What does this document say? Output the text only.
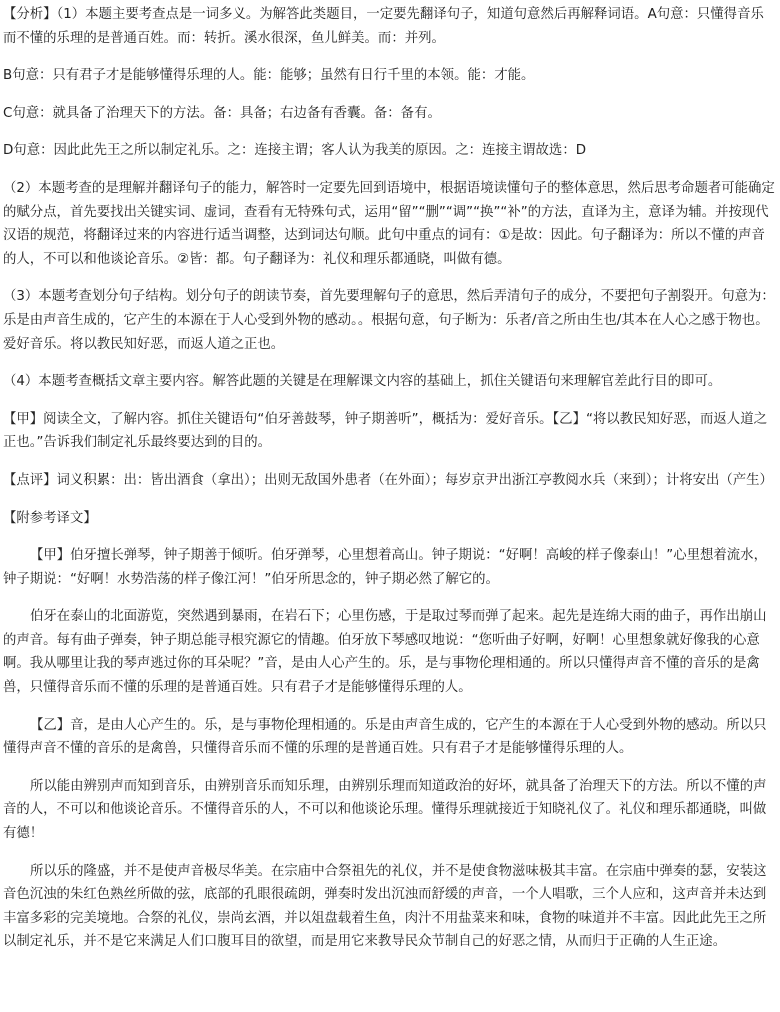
【分析】（1）本题主要考查点是一词多义。为解答此类题目，一定要先翻译句子，知道句意然后再解释词语。A句意：只懂得音乐而不懂的乐理的是普通百姓。而：转折。溪水很深，鱼儿鲜美。而：并列。

B句意：只有君子才是能够懂得乐理的人。能：能够；虽然有日行千里的本领。能：才能。

C句意：就具备了治理天下的方法。备：具备；右边备有香囊。备：备有。

D句意：因此此先王之所以制定礼乐。之：连接主谓；客人认为我美的原因。之：连接主谓故选：D

（2）本题考查的是理解并翻译句子的能力，解答时一定要先回到语境中，根据语境读懂句子的整体意思，然后思考命题者可能确定的赋分点，首先要找出关键实词、虚词，查看有无特殊句式，运用“留”“删”“调”“换”“补”的方法，直译为主，意译为辅。并按现代汉语的规范，将翻译过来的内容进行适当调整，达到词达句顺。此句中重点的词有：①是故：因此。句子翻译为：所以不懂的声音的人，不可以和他谈论音乐。②皆：都。句子翻译为：礼仪和理乐都通晓，叫做有德。

（3）本题考查划分句子结构。划分句子的朗读节奏，首先要理解句子的意思，然后弄清句子的成分，不要把句子割裂开。句意为：乐是由声音生成的，它产生的本源在于人心受到外物的感动。。根据句意，句子断为：乐者/音之所由生也/其本在人心之感于物也。爱好音乐。将以教民知好恶，而返人道之正也。

（4）本题考查概括文章主要内容。解答此题的关键是在理解课文内容的基础上，抓住关键语句来理解官差此行目的即可。

【甲】阅读全文，了解内容。抓住关键语句“伯牙善鼓琴，钟子期善听”，概括为：爱好音乐。【乙】“将以教民知好恶，而返人道之正也。”告诉我们制定礼乐最终要达到的目的。

【点评】词义积累：出：皆出酒食（拿出）；出则无敌国外患者（在外面）；每岁京尹出浙江亭教阅水兵（来到）；计将安出（产生）

【附参考译文】

【甲】伯牙擅长弹琴，钟子期善于倾听。伯牙弹琴，心里想着高山。钟子期说：“好啊！高峻的样子像泰山！”心里想着流水，钟子期说：“好啊！水势浩荡的样子像江河！”伯牙所思念的，钟子期必然了解它的。

伯牙在泰山的北面游览，突然遇到暴雨，在岩石下；心里伤感，于是取过琴而弹了起来。起先是连绵大雨的曲子，再作出崩山的声音。每有曲子弹奏，钟子期总能寻根究源它的情趣。伯牙放下琴感叹地说：“您听曲子好啊，好啊！心里想象就好像我的心意啊。我从哪里让我的琴声逃过你的耳朵呢？”音，是由人心产生的。乐，是与事物伦理相通的。所以只懂得声音不懂的音乐的是禽兽，只懂得音乐而不懂的乐理的是普通百姓。只有君子才是能够懂得乐理的人。

【乙】音，是由人心产生的。乐，是与事物伦理相通的。乐是由声音生成的，它产生的本源在于人心受到外物的感动。所以只懂得声音不懂的音乐的是禽兽，只懂得音乐而不懂的乐理的是普通百姓。只有君子才是能够懂得乐理的人。

所以能由辨别声而知到音乐，由辨别音乐而知乐理，由辨别乐理而知道政治的好坏，就具备了治理天下的方法。所以不懂的声音的人，不可以和他谈论音乐。不懂得音乐的人，不可以和他谈论乐理。懂得乐理就接近于知晓礼仪了。礼仪和理乐都通晓，叫做有德！

所以乐的隆盛，并不是使声音极尽华美。在宗庙中合祭祖先的礼仪，并不是使食物滋味极其丰富。在宗庙中弹奏的瑟，安装这音色沉浊的朱红色熟丝所做的弦，底部的孔眼很疏朗，弹奏时发出沉浊而舒缓的声音，一个人唱歌，三个人应和，这声音并未达到丰富多彩的完美境地。合祭的礼仪，崇尚玄酒，并以俎盘载着生鱼，肉汁不用盐菜来和味，食物的味道并不丰富。因此此先王之所以制定礼乐，并不是它来满足人们口腹耳目的欲望，而是用它来教导民众节制自己的好恶之情，从而归于正确的人生正途。
